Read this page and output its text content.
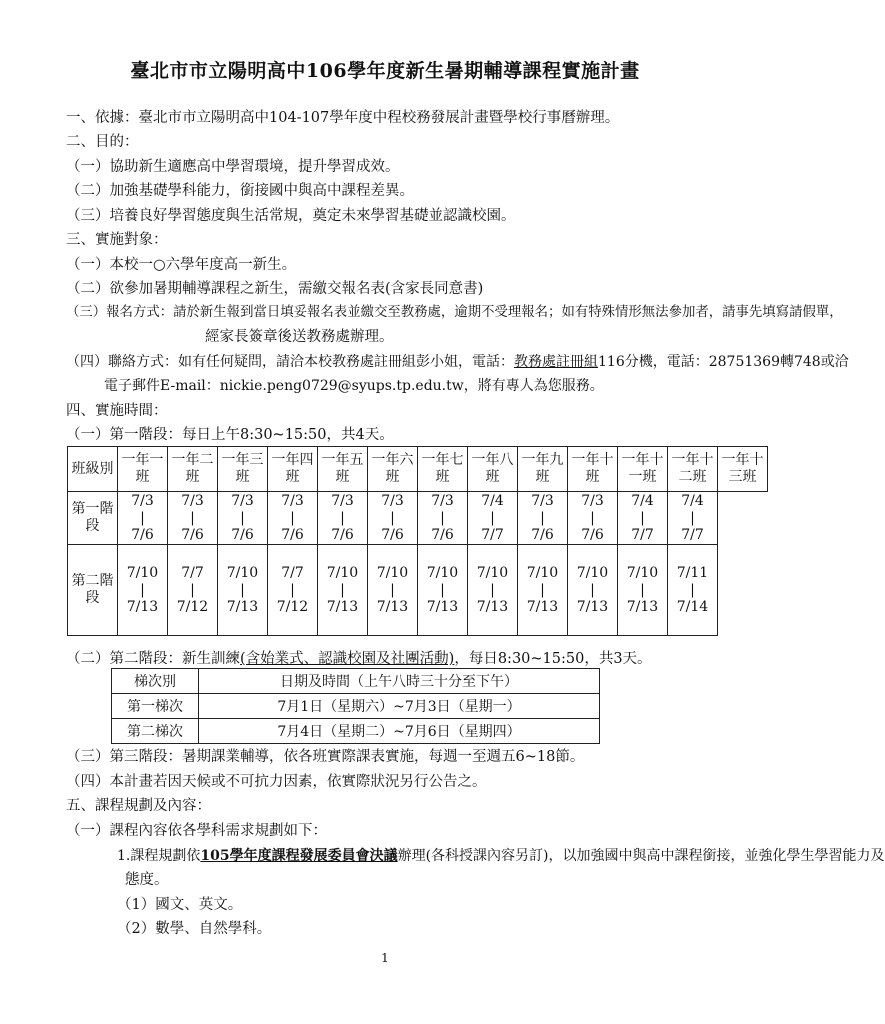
臺北市市立陽明高中106學年度新生暑期輔導課程實施計畫
一、依據：臺北市市立陽明高中104-107學年度中程校務發展計畫暨學校行事曆辦理。
二、目的：
（一）協助新生適應高中學習環境，提升學習成效。
（二）加強基礎學科能力，銜接國中與高中課程差異。
（三）培養良好學習態度與生活常規，奠定未來學習基礎並認識校園。
三、實施對象：
（一）本校一○六學年度高一新生。
（二）欲參加暑期輔導課程之新生，需繳交報名表(含家長同意書)
（三）報名方式：請於新生報到當日填妥報名表並繳交至教務處，逾期不受理報名；如有特殊情形無法參加者，請事先填寫請假單，
經家長簽章後送教務處辦理。
（四）聯絡方式：如有任何疑問，請洽本校教務處註冊組彭小姐，電話：教務處註冊組116分機，電話：28751369轉748或洽
電子郵件E-mail：nickie.peng0729@syups.tp.edu.tw，將有專人為您服務。
四、實施時間：
（一）第一階段：每日上午8:30~15:50，共4天。
班級別	一年一班	一年二班	一年三班	一年四班	一年五班	一年六班	一年七班	一年八班	一年九班	一年十班	一年十一班	一年十二班	一年十三班
第一階段	7/3
|
7/6	7/3
|
7/6	7/3
|
7/6	7/3
|
7/6	7/3
|
7/6	7/3
|
7/6	7/3
|
7/6	7/4
|
7/7	7/3
|
7/6	7/3
|
7/6	7/4
|
7/7	7/4
|
7/7	

第二階段	7/10
|
7/13	7/7
|
7/12	7/10
|
7/13	7/7
|
7/12	7/10
|
7/13	7/10
|
7/13	7/10
|
7/13	7/10
|
7/13	7/10
|
7/13	7/10
|
7/13	7/10
|
7/13	7/11
|
7/14	
（二）第二階段：新生訓練(含始業式、認識校園及社團活動)，每日8:30~15:50，共3天。
梯次別	日期及時間（上午八時三十分至下午）
第一梯次	7月1日（星期六）~7月3日（星期一）
第二梯次	7月4日（星期二）~7月6日（星期四）
（三）第三階段：暑期課業輔導，依各班實際課表實施，每週一至週五6~18節。
（四）本計畫若因天候或不可抗力因素，依實際狀況另行公告之。
五、課程規劃及內容：
（一）課程內容依各學科需求規劃如下：
1.課程規劃依105學年度課程發展委員會決議辦理(各科授課內容另訂)，以加強國中與高中課程銜接，並強化學生學習能力及
態度。
（1）國文、英文。
（2）數學、自然學科。
1
